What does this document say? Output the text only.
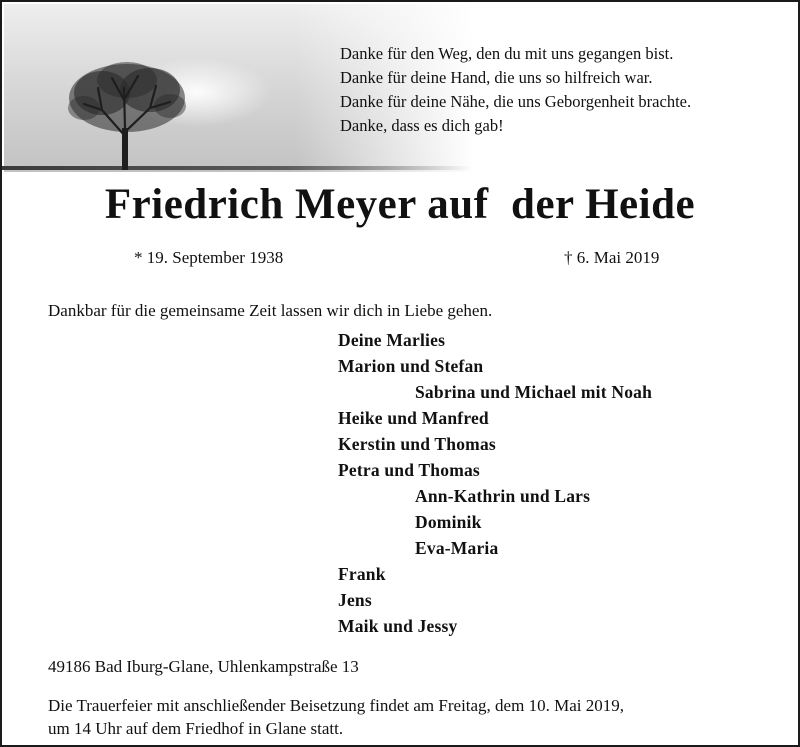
Danke für den Weg, den du mit uns gegangen bist.
Danke für deine Hand, die uns so hilfreich war.
Danke für deine Nähe, die uns Geborgenheit brachte.
Danke, dass es dich gab!
Friedrich Meyer auf  der Heide
* 19. September 1938	† 6. Mai 2019
Dankbar für die gemeinsame Zeit lassen wir dich in Liebe gehen.
Deine Marlies
Marion und Stefan
Sabrina und Michael mit Noah
Heike und Manfred
Kerstin und Thomas
Petra und Thomas
Ann-Kathrin und Lars
Dominik
Eva-Maria
Frank
Jens
Maik und Jessy
49186 Bad Iburg-Glane, Uhlenkampstraße 13
Die Trauerfeier mit anschließender Beisetzung findet am Freitag, dem 10. Mai 2019,
um 14 Uhr auf dem Friedhof in Glane statt.
